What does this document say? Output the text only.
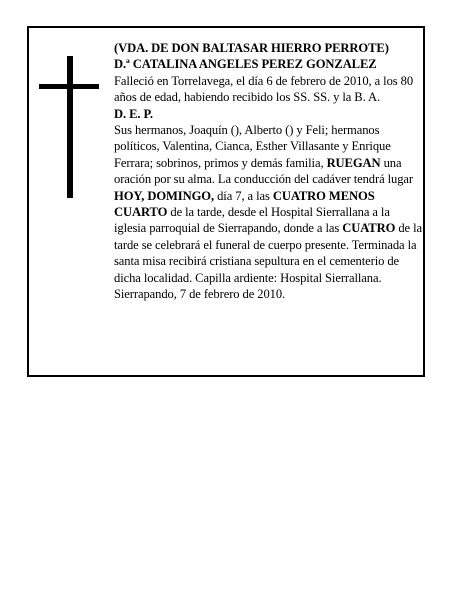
(VDA. DE DON BALTASAR HIERRO PERROTE)

D.ª CATALINA ANGELES PEREZ GONZALEZ

Falleció en Torrelavega, el día 6 de febrero de 2010, a los 80 años de edad, habiendo recibido los SS. SS. y la B. A.

D. E. P.

Sus hermanos, Joaquín (), Alberto () y Feli; hermanos políticos, Valentina, Cianca, Esther Villasante y Enrique Ferrara; sobrinos, primos y demás familia, RUEGAN una oración por su alma. La conducción del cadáver tendrá lugar HOY, DOMINGO, día 7, a las CUATRO MENOS CUARTO de la tarde, desde el Hospital Sierrallana a la iglesia parroquial de Sierrapando, donde a las CUATRO de la tarde se celebrará el funeral de cuerpo presente. Terminada la santa misa recibirá cristiana sepultura en el cementerio de dicha localidad. Capilla ardiente: Hospital Sierrallana.

Sierrapando, 7 de febrero de 2010.
